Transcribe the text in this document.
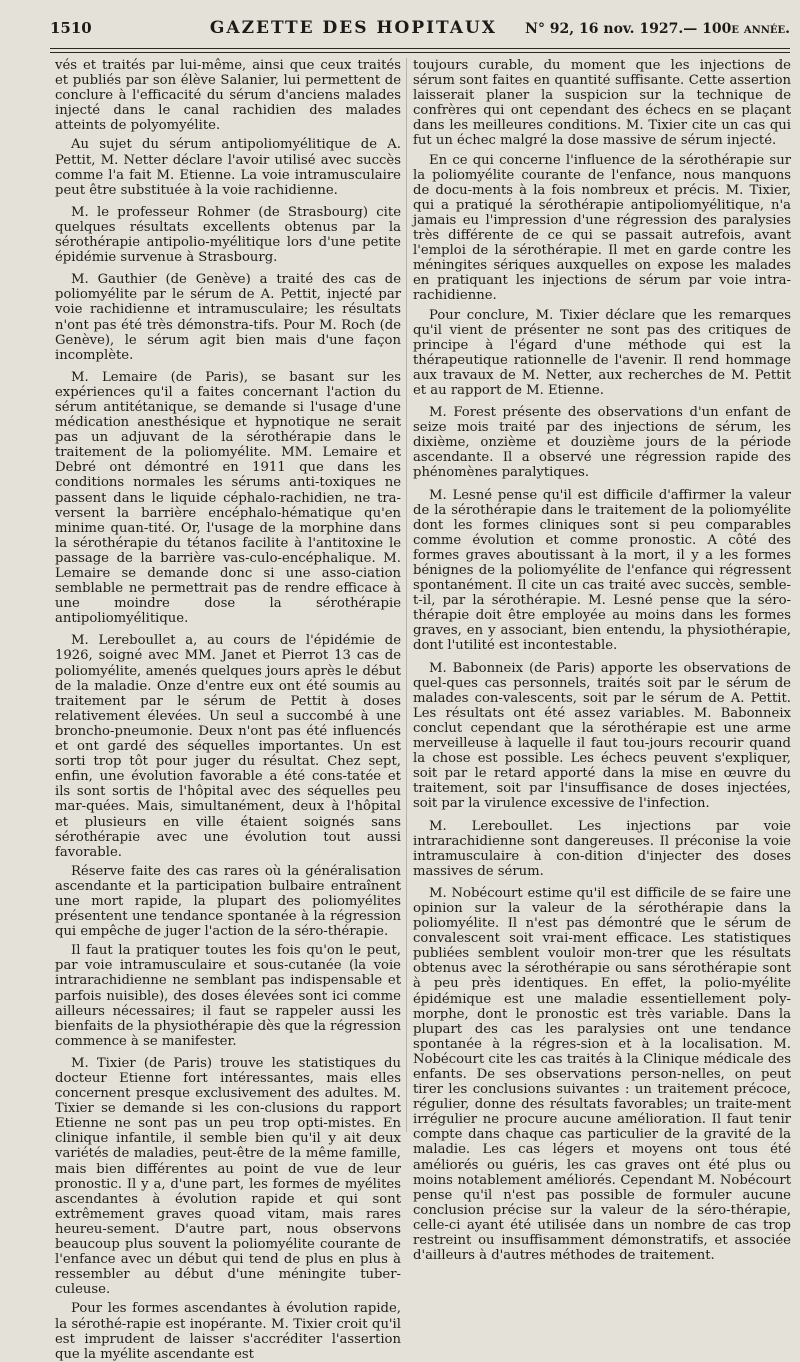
1510	GAZETTE DES HOPITAUX N° 92, 16 nov. 1927.— 100e année.

vés et traités par lui-même, ainsi que ceux traités et publiés par son élève Salanier, lui permettent de conclure à l'efficacité du sérum d'anciens malades injecté dans le canal rachidien des malades atteints de polyomyélite.

Au sujet du sérum antipoliomyélitique de A. Pettit, M. Netter déclare l'avoir utilisé avec succès comme l'a fait M. Etienne. La voie intramusculaire peut être substituée à la voie rachidienne.

M. le professeur Rohmer (de Strasbourg) cite quelques résultats excellents obtenus par la sérothérapie antipolio-myélitique lors d'une petite épidémie survenue à Strasbourg.

M. Gauthier (de Genève) a traité des cas de poliomyélite par le sérum de A. Pettit, injecté par voie rachidienne et intramusculaire; les résultats n'ont pas été très démonstra-tifs. Pour M. Roch (de Genève), le sérum agit bien mais d'une façon incomplète.

M. Lemaire (de Paris), se basant sur les expériences qu'il a faites concernant l'action du sérum antitétanique, se demande si l'usage d'une médication anesthésique et hypnotique ne serait pas un adjuvant de la sérothérapie dans le traitement de la poliomyélite. MM. Lemaire et Debré ont démontré en 1911 que dans les conditions normales les sérums anti-toxiques ne passent dans le liquide céphalo-rachidien, ne tra-versent la barrière encéphalo-hématique qu'en minime quan-tité. Or, l'usage de la morphine dans la sérothérapie du tétanos facilite à l'antitoxine le passage de la barrière vas-culo-encéphalique. M. Lemaire se demande donc si une asso-ciation semblable ne permettrait pas de rendre efficace à une moindre dose la sérothérapie antipoliomyélitique.

M. Lereboullet a, au cours de l'épidémie de 1926, soigné avec MM. Janet et Pierrot 13 cas de poliomyélite, amenés quelques jours après le début de la maladie. Onze d'entre eux ont été soumis au traitement par le sérum de Pettit à doses relativement élevées. Un seul a succombé à une broncho-pneumonie. Deux n'ont pas été influencés et ont gardé des séquelles importantes. Un est sorti trop tôt pour juger du résultat. Chez sept, enfin, une évolution favorable a été cons-tatée et ils sont sortis de l'hôpital avec des séquelles peu mar-quées. Mais, simultanément, deux à l'hôpital et plusieurs en ville étaient soignés sans sérothérapie avec une évolution tout aussi favorable.

Réserve faite des cas rares où la généralisation ascendante et la participation bulbaire entraînent une mort rapide, la plupart des poliomyélites présentent une tendance spontanée à la régression qui empêche de juger l'action de la séro-thérapie.

Il faut la pratiquer toutes les fois qu'on le peut, par voie intramusculaire et sous-cutanée (la voie intrarachidienne ne semblant pas indispensable et parfois nuisible), des doses élevées sont ici comme ailleurs nécessaires; il faut se rappeler aussi les bienfaits de la physiothérapie dès que la régression commence à se manifester.

M. Tixier (de Paris) trouve les statistiques du docteur Etienne fort intéressantes, mais elles concernent presque exclusivement des adultes. M. Tixier se demande si les con-clusions du rapport Etienne ne sont pas un peu trop opti-mistes. En clinique infantile, il semble bien qu'il y ait deux variétés de maladies, peut-être de la même famille, mais bien différentes au point de vue de leur pronostic. Il y a, d'une part, les formes de myélites ascendantes à évolution rapide et qui sont extrêmement graves quoad vitam, mais rares heureu-sement. D'autre part, nous observons beaucoup plus souvent la poliomyélite courante de l'enfance avec un début qui tend de plus en plus à ressembler au début d'une méningite tuber-culeuse.

Pour les formes ascendantes à évolution rapide, la sérothé-rapie est inopérante. M. Tixier croit qu'il est imprudent de laisser s'accréditer l'assertion que la myélite ascendante est

toujours curable, du moment que les injections de sérum sont faites en quantité suffisante. Cette assertion laisserait planer la suspicion sur la technique de confrères qui ont cependant des échecs en se plaçant dans les meilleures conditions. M. Tixier cite un cas qui fut un échec malgré la dose massive de sérum injecté.

En ce qui concerne l'influence de la sérothérapie sur la poliomyélite courante de l'enfance, nous manquons de docu-ments à la fois nombreux et précis. M. Tixier, qui a pratiqué la sérothérapie antipoliomyélitique, n'a jamais eu l'impression d'une régression des paralysies très différente de ce qui se passait autrefois, avant l'emploi de la sérothérapie. Il met en garde contre les méningites sériques auxquelles on expose les malades en pratiquant les injections de sérum par voie intra-rachidienne.

Pour conclure, M. Tixier déclare que les remarques qu'il vient de présenter ne sont pas des critiques de principe à l'égard d'une méthode qui est la thérapeutique rationnelle de l'avenir. Il rend hommage aux travaux de M. Netter, aux recherches de M. Pettit et au rapport de M. Etienne.

M. Forest présente des observations d'un enfant de seize mois traité par des injections de sérum, les dixième, onzième et douzième jours de la période ascendante. Il a observé une régression rapide des phénomènes paralytiques.

M. Lesné pense qu'il est difficile d'affirmer la valeur de la sérothérapie dans le traitement de la poliomyélite dont les formes cliniques sont si peu comparables comme évolution et comme pronostic. A côté des formes graves aboutissant à la mort, il y a les formes bénignes de la poliomyélite de l'enfance qui régressent spontanément. Il cite un cas traité avec succès, semble-t-il, par la sérothérapie. M. Lesné pense que la séro-thérapie doit être employée au moins dans les formes graves, en y associant, bien entendu, la physiothérapie, dont l'utilité est incontestable.

M. Babonneix (de Paris) apporte les observations de quel-ques cas personnels, traités soit par le sérum de malades con-valescents, soit par le sérum de A. Pettit. Les résultats ont été assez variables. M. Babonneix conclut cependant que la sérothérapie est une arme merveilleuse à laquelle il faut tou-jours recourir quand la chose est possible. Les échecs peuvent s'expliquer, soit par le retard apporté dans la mise en œuvre du traitement, soit par l'insuffisance de doses injectées, soit par la virulence excessive de l'infection.

M. Lereboullet. Les injections par voie intrarachidienne sont dangereuses. Il préconise la voie intramusculaire à con-dition d'injecter des doses massives de sérum.

M. Nobécourt estime qu'il est difficile de se faire une opinion sur la valeur de la sérothérapie dans la poliomyélite. Il n'est pas démontré que le sérum de convalescent soit vrai-ment efficace. Les statistiques publiées semblent vouloir mon-trer que les résultats obtenus avec la sérothérapie ou sans sérothérapie sont à peu près identiques. En effet, la polio-myélite épidémique est une maladie essentiellement poly-morphe, dont le pronostic est très variable. Dans la plupart des cas les paralysies ont une tendance spontanée à la régres-sion et à la localisation. M. Nobécourt cite les cas traités à la Clinique médicale des enfants. De ses observations person-nelles, on peut tirer les conclusions suivantes : un traitement précoce, régulier, donne des résultats favorables; un traite-ment irrégulier ne procure aucune amélioration. Il faut tenir compte dans chaque cas particulier de la gravité de la maladie. Les cas légers et moyens ont tous été améliorés ou guéris, les cas graves ont été plus ou moins notablement améliorés. Cependant M. Nobécourt pense qu'il n'est pas possible de formuler aucune conclusion précise sur la valeur de la séro-thérapie, celle-ci ayant été utilisée dans un nombre de cas trop restreint ou insuffisamment démonstratifs, et associée d'ailleurs à d'autres méthodes de traitement.
